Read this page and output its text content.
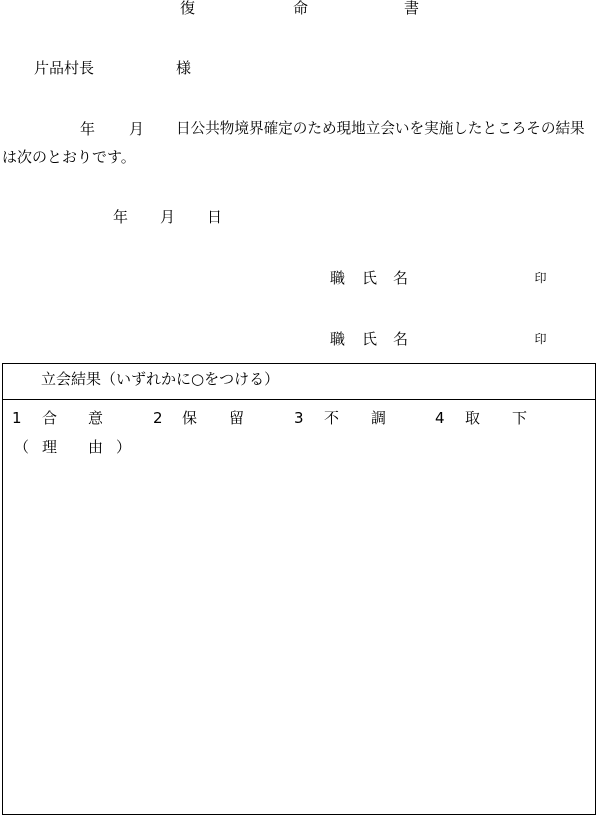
復	命	書
片品村長	様
年 月 日公共物境界確定のため現地立会いを実施したところその結果
は次のとおりです。
年 月 日
職 氏 名	印
職 氏 名	印
立会結果（いずれかに○をつける）
1 合 意	2 保 留	3 不 調	4 取 下
（ 理 由 ）
